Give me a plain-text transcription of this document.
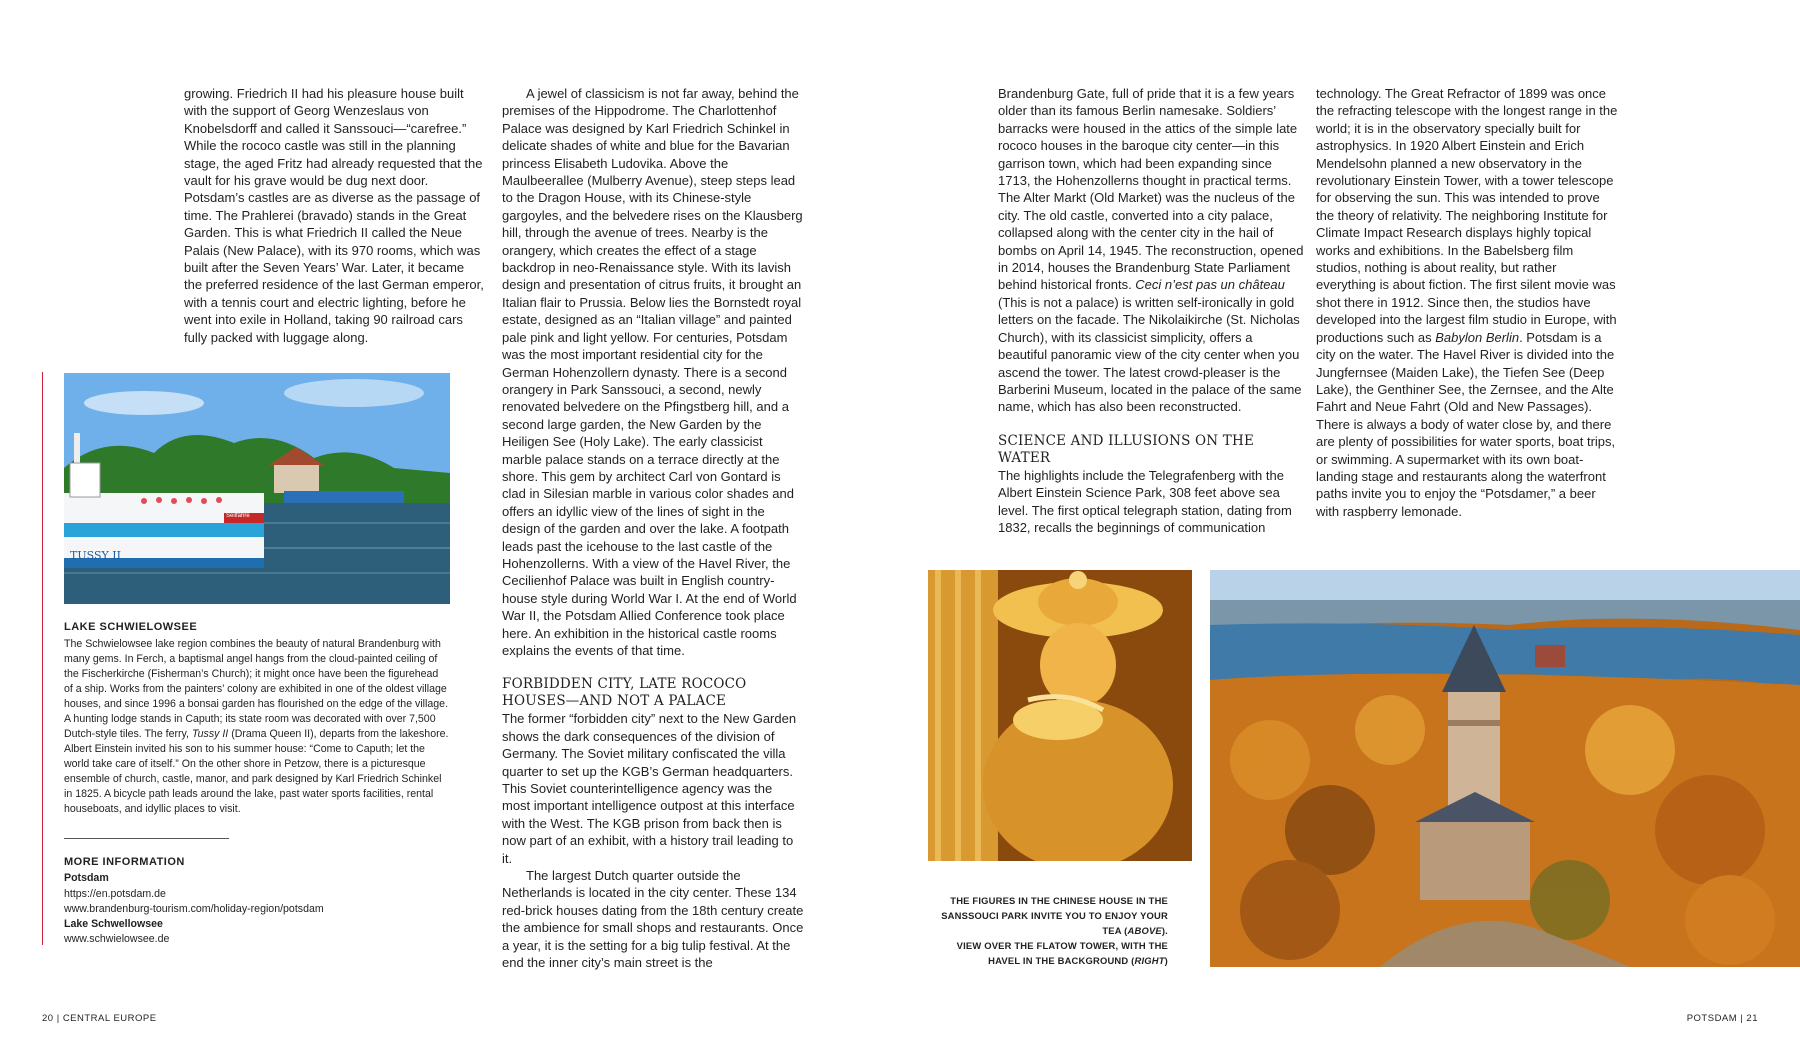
growing. Friedrich II had his pleasure house built with the support of Georg Wenzeslaus von Knobelsdorff and called it Sanssouci—“carefree.” While the rococo castle was still in the planning stage, the aged Fritz had already requested that the vault for his grave would be dug next door. Potsdam’s castles are as diverse as the passage of time. The Prahlerei (bravado) stands in the Great Garden. This is what Friedrich II called the Neue Palais (New Palace), with its 970 rooms, which was built after the Seven Years’ War. Later, it became the preferred residence of the last German emperor, with a tennis court and electric lighting, before he went into exile in Holland, taking 90 railroad cars fully packed with luggage along.

TUSSY II
Seilfähre
LAKE SCHWIELOWSEE

The Schwielowsee lake region combines the beauty of natural Brandenburg with many gems. In Ferch, a baptismal angel hangs from the cloud-painted ceiling of the Fischerkirche (Fisherman’s Church); it might once have been the figurehead of a ship. Works from the painters’ colony are exhibited in one of the oldest village houses, and since 1996 a bonsai garden has flourished on the edge of the village. A hunting lodge stands in Caputh; its state room was decorated with over 7,500 Dutch-style tiles. The ferry, Tussy II (Drama Queen II), departs from the lakeshore. Albert Einstein invited his son to his summer house: “Come to Caputh; let the world take care of itself.” On the other shore in Petzow, there is a picturesque ensemble of church, castle, manor, and park designed by Karl Friedrich Schinkel in 1825. A bicycle path leads around the lake, past water sports facilities, rental houseboats, and idyllic places to visit.

MORE INFORMATION
Potsdam
https://en.potsdam.de
www.brandenburg-tourism.com/holiday-region/potsdam
Lake Schwellowsee
www.schwielowsee.de

A jewel of classicism is not far away, behind the premises of the Hippodrome. The Charlottenhof Palace was designed by Karl Friedrich Schinkel in delicate shades of white and blue for the Bavarian princess Elisabeth Ludovika. Above the Maulbeerallee (Mulberry Avenue), steep steps lead to the Dragon House, with its Chinese-style gargoyles, and the belvedere rises on the Klausberg hill, through the avenue of trees. Nearby is the orangery, which creates the effect of a stage backdrop in neo-Renaissance style. With its lavish design and presentation of citrus fruits, it brought an Italian flair to Prussia. Below lies the Bornstedt royal estate, designed as an “Italian village” and painted pale pink and light yellow. For centuries, Potsdam was the most important residential city for the German Hohenzollern dynasty. There is a second orangery in Park Sanssouci, a second, newly renovated belvedere on the Pfingstberg hill, and a second large garden, the New Garden by the Heiligen See (Holy Lake). The early classicist marble palace stands on a terrace directly at the shore. This gem by architect Carl von Gontard is clad in Silesian marble in various color shades and offers an idyllic view of the lines of sight in the design of the garden and over the lake. A footpath leads past the icehouse to the last castle of the Hohenzollerns. With a view of the Havel River, the Cecilienhof Palace was built in English country-house style during World War I. At the end of World War II, the Potsdam Allied Conference took place here. An exhibition in the historical castle rooms explains the events of that time.

FORBIDDEN CITY, LATE ROCOCO HOUSES—AND NOT A PALACE

The former “forbidden city” next to the New Garden shows the dark consequences of the division of Germany. The Soviet military confiscated the villa quarter to set up the KGB’s German headquarters. This Soviet counterintelligence agency was the most important intelligence outpost at this interface with the West. The KGB prison from back then is now part of an exhibit, with a history trail leading to it.

The largest Dutch quarter outside the Netherlands is located in the city center. These 134 red-brick houses dating from the 18th century create the ambience for small shops and restaurants. Once a year, it is the setting for a big tulip festival. At the end the inner city’s main street is the

20 | CENTRAL EUROPE

Brandenburg Gate, full of pride that it is a few years older than its famous Berlin namesake. Soldiers’ barracks were housed in the attics of the simple late rococo houses in the baroque city center—in this garrison town, which had been expanding since 1713, the Hohenzollerns thought in practical terms. The Alter Markt (Old Market) was the nucleus of the city. The old castle, converted into a city palace, collapsed along with the center city in the hail of bombs on April 14, 1945. The reconstruction, opened in 2014, houses the Brandenburg State Parliament behind historical fronts. Ceci n’est pas un château (This is not a palace) is written self-ironically in gold letters on the facade. The Nikolaikirche (St. Nicholas Church), with its classicist simplicity, offers a beautiful panoramic view of the city center when you ascend the tower. The latest crowd-pleaser is the Barberini Museum, located in the palace of the same name, which has also been reconstructed.

SCIENCE AND ILLUSIONS ON THE WATER

The highlights include the Telegrafenberg with the Albert Einstein Science Park, 308 feet above sea level. The first optical telegraph station, dating from 1832, recalls the beginnings of communication

technology. The Great Refractor of 1899 was once the refracting telescope with the longest range in the world; it is in the observatory specially built for astrophysics. In 1920 Albert Einstein and Erich Mendelsohn planned a new observatory in the revolutionary Einstein Tower, with a tower telescope for observing the sun. This was intended to prove the theory of relativity. The neighboring Institute for Climate Impact Research displays highly topical works and exhibitions. In the Babelsberg film studios, nothing is about reality, but rather everything is about fiction. The first silent movie was shot there in 1912. Since then, the studios have developed into the largest film studio in Europe, with productions such as Babylon Berlin. Potsdam is a city on the water. The Havel River is divided into the Jungfernsee (Maiden Lake), the Tiefen See (Deep Lake), the Genthiner See, the Zernsee, and the Alte Fahrt and Neue Fahrt (Old and New Passages). There is always a body of water close by, and there are plenty of possibilities for water sports, boat trips, or swimming. A supermarket with its own boat-landing stage and restaurants along the waterfront paths invite you to enjoy the “Potsdamer,” a beer with raspberry lemonade.

THE FIGURES IN THE CHINESE HOUSE IN THE SANSSOUCI PARK INVITE YOU TO ENJOY YOUR TEA (ABOVE).
VIEW OVER THE FLATOW TOWER, WITH THE HAVEL IN THE BACKGROUND (RIGHT)
POTSDAM | 21
